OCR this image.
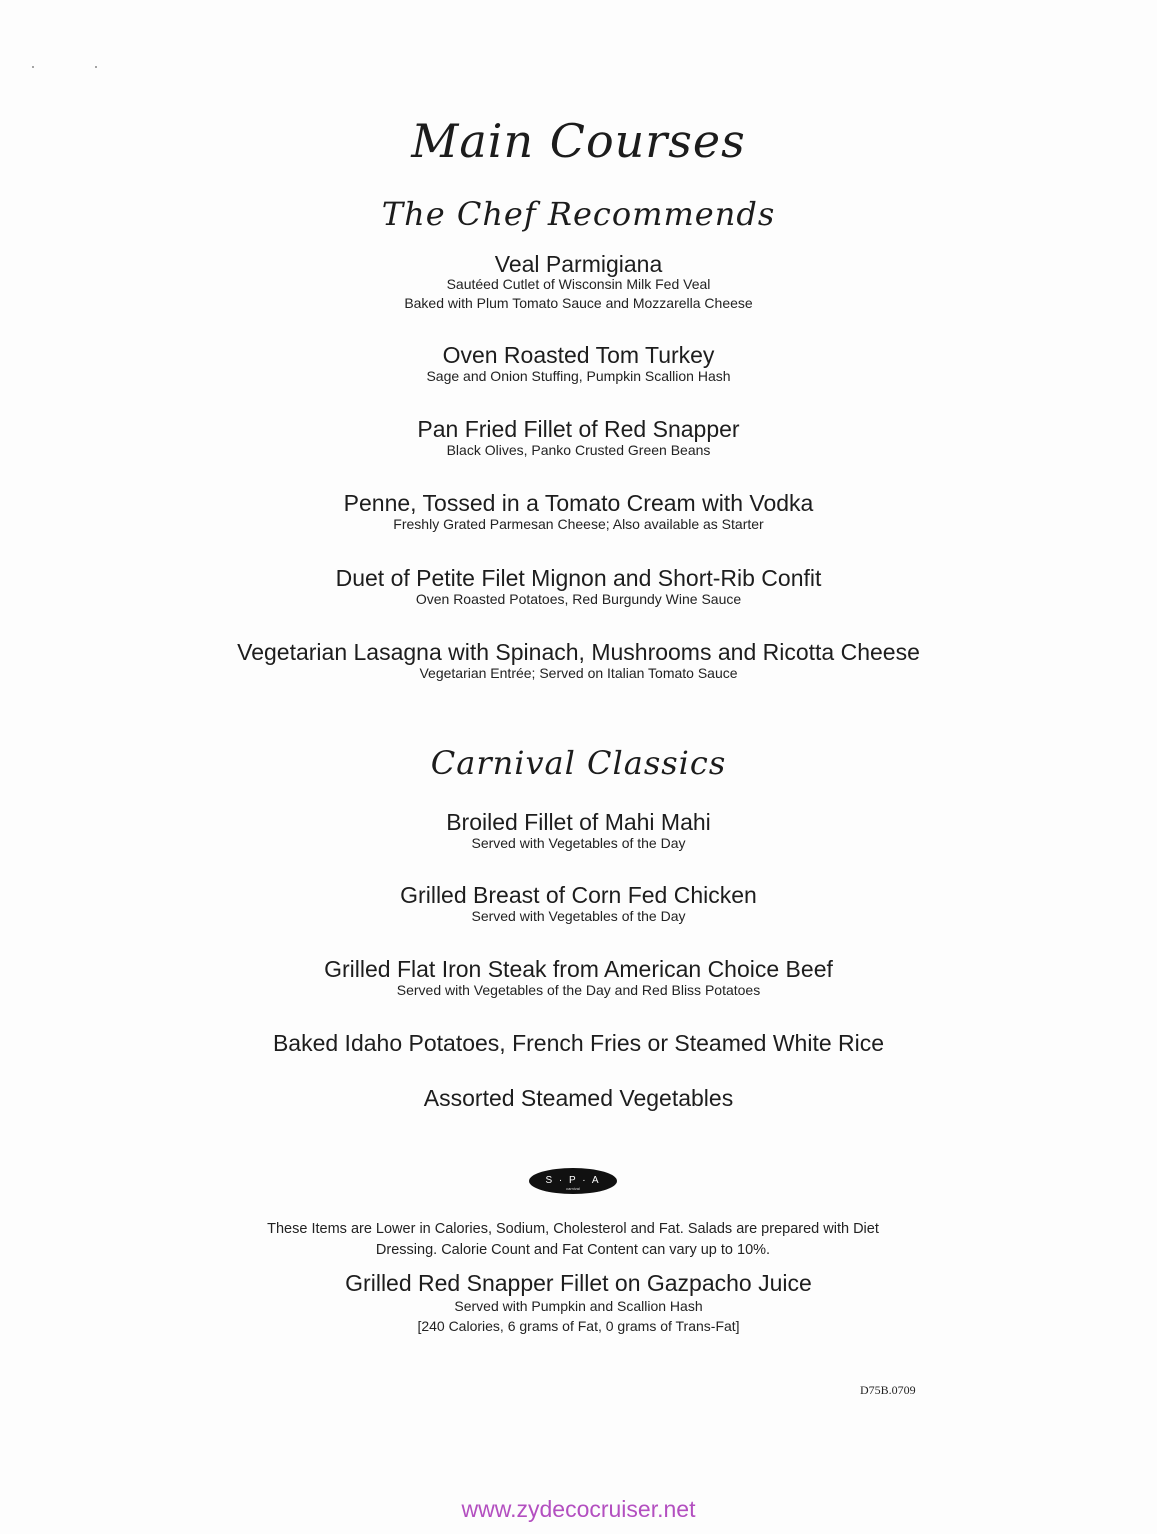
Main Courses
The Chef Recommends
Veal Parmigiana
Sautéed Cutlet of Wisconsin Milk Fed Veal
Baked with Plum Tomato Sauce and Mozzarella Cheese
Oven Roasted Tom Turkey
Sage and Onion Stuffing, Pumpkin Scallion Hash
Pan Fried Fillet of Red Snapper
Black Olives, Panko Crusted Green Beans
Penne, Tossed in a Tomato Cream with Vodka
Freshly Grated Parmesan Cheese; Also available as Starter
Duet of Petite Filet Mignon and Short-Rib Confit
Oven Roasted Potatoes, Red Burgundy Wine Sauce
Vegetarian Lasagna with Spinach, Mushrooms and Ricotta Cheese
Vegetarian Entrée; Served on Italian Tomato Sauce
Carnival Classics
Broiled Fillet of Mahi Mahi
Served with Vegetables of the Day
Grilled Breast of Corn Fed Chicken
Served with Vegetables of the Day
Grilled Flat Iron Steak from American Choice Beef
Served with Vegetables of the Day and Red Bliss Potatoes
Baked Idaho Potatoes, French Fries or Steamed White Rice
Assorted Steamed Vegetables
S · P · A
carnival
These Items are Lower in Calories, Sodium, Cholesterol and Fat. Salads are prepared with Diet Dressing. Calorie Count and Fat Content can vary up to 10%.
Grilled Red Snapper Fillet on Gazpacho Juice
Served with Pumpkin and Scallion Hash
[240 Calories, 6 grams of Fat, 0 grams of Trans-Fat]
D75B.0709
www.zydecocruiser.net
